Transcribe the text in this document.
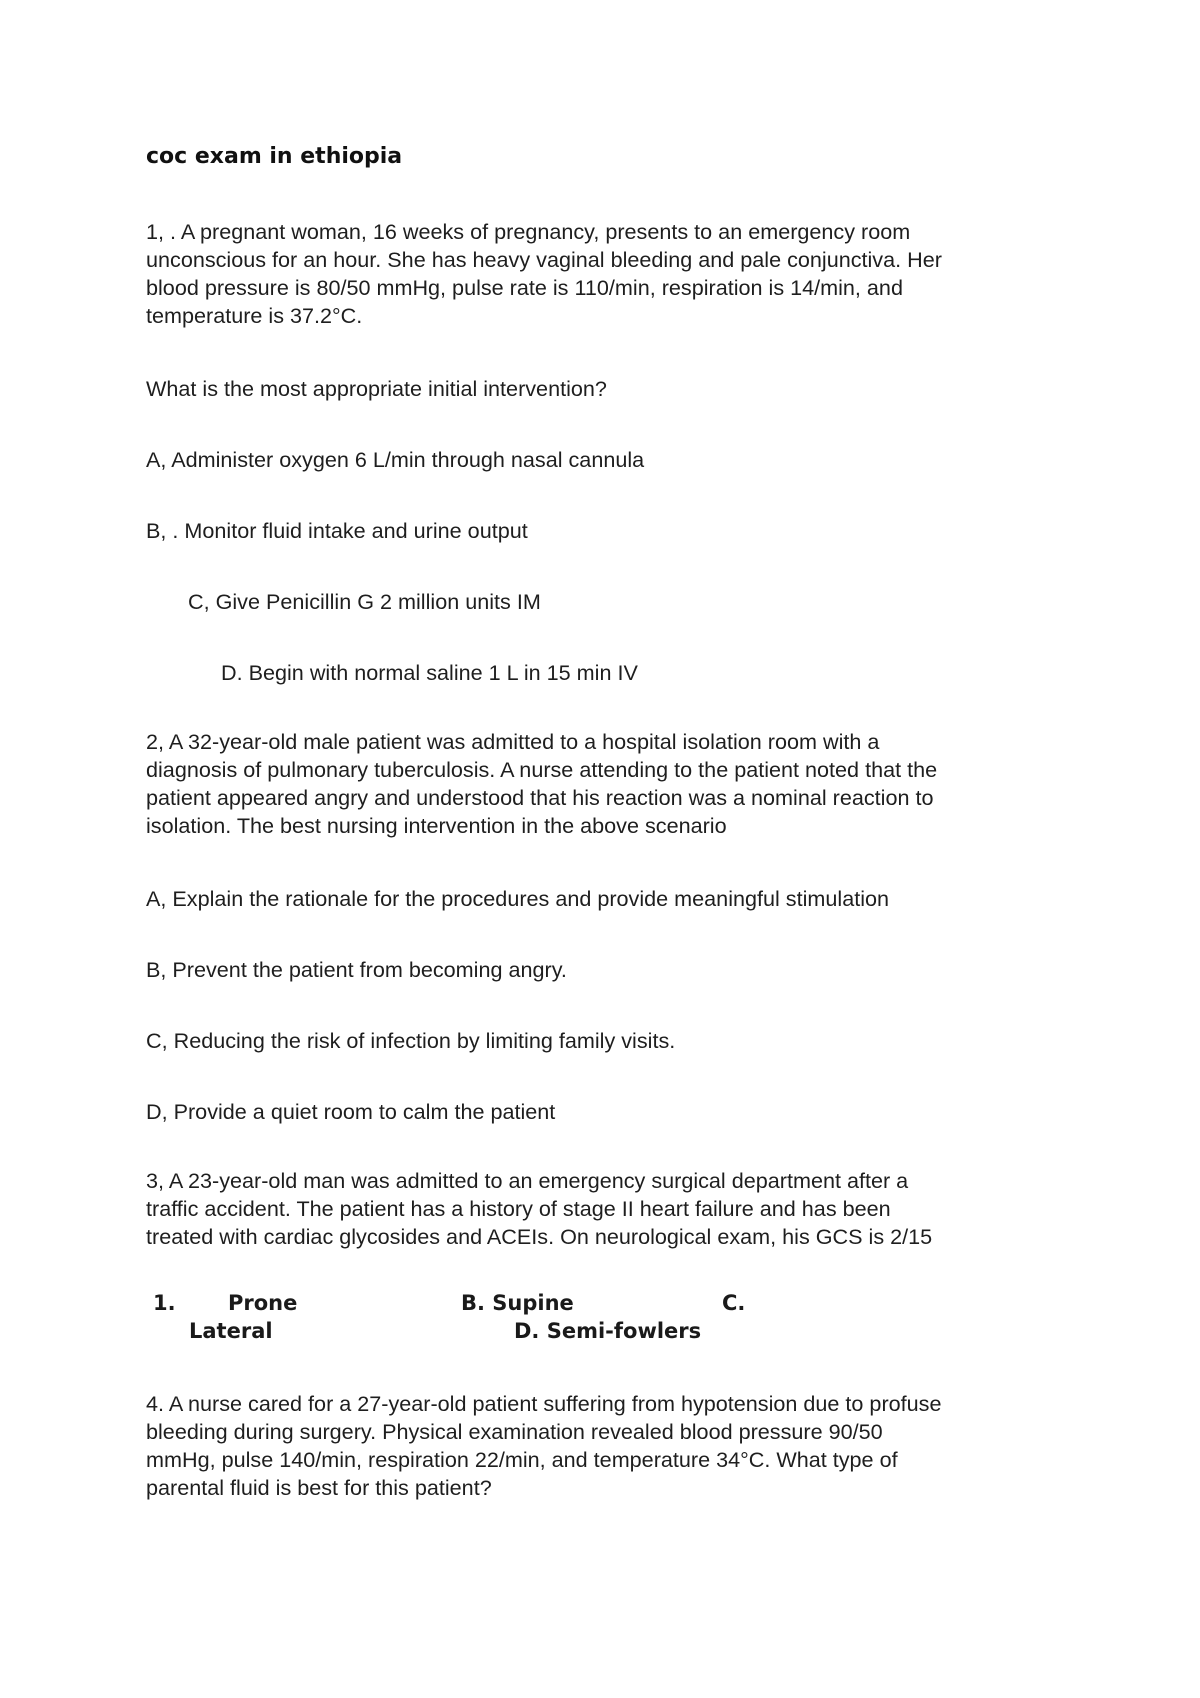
coc exam in ethiopia
1, . A pregnant woman, 16 weeks of pregnancy, presents to an emergency room
unconscious for an hour. She has heavy vaginal bleeding and pale conjunctiva. Her
blood pressure is 80/50 mmHg, pulse rate is 110/min, respiration is 14/min, and
temperature is 37.2°C.
What is the most appropriate initial intervention?
A, Administer oxygen 6 L/min through nasal cannula
B, . Monitor fluid intake and urine output
C, Give Penicillin G 2 million units IM
D. Begin with normal saline 1 L in 15 min IV
2, A 32-year-old male patient was admitted to a hospital isolation room with a
diagnosis of pulmonary tuberculosis. A nurse attending to the patient noted that the
patient appeared angry and understood that his reaction was a nominal reaction to
isolation. The best nursing intervention in the above scenario
A, Explain the rationale for the procedures and provide meaningful stimulation
B, Prevent the patient from becoming angry.
C, Reducing the risk of infection by limiting family visits.
D, Provide a quiet room to calm the patient
3, A 23-year-old man was admitted to an emergency surgical department after a
traffic accident. The patient has a history of stage II heart failure and has been
treated with cardiac glycosides and ACEIs. On neurological exam, his GCS is 2/15
1. Prone	B. Supine	C.
Lateral	D. Semi-fowlers
4. A nurse cared for a 27-year-old patient suffering from hypotension due to profuse
bleeding during surgery. Physical examination revealed blood pressure 90/50
mmHg, pulse 140/min, respiration 22/min, and temperature 34°C. What type of
parental fluid is best for this patient?
